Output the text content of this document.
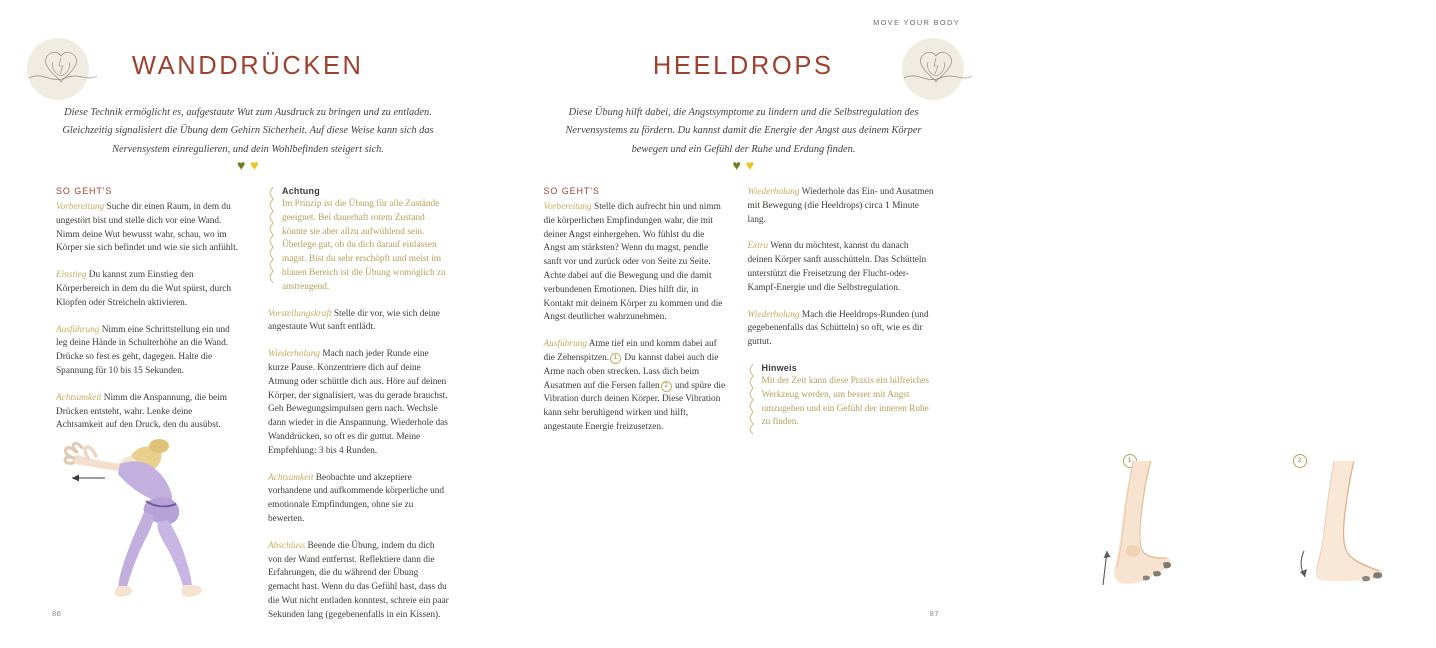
WANDDRÜCKEN
Diese Technik ermöglicht es, aufgestaute Wut zum Ausdruck zu bringen und zu entladen. Gleichzeitig signalisiert die Übung dem Gehirn Sicherheit. Auf diese Weise kann sich das Nervensystem einregulieren, und dein Wohlbefinden steigert sich.
♥ ♥
SO GEHT'S

Vorbereitung Suche dir einen Raum, in dem du ungestört bist und stelle dich vor eine Wand. Nimm deine Wut bewusst wahr, schau, wo im Körper sie sich befindet und wie sie sich anfühlt.

Einstieg Du kannst zum Einstieg den Körperbereich in dem du die Wut spürst, durch Klopfen oder Streicheln aktivieren.

Ausführung Nimm eine Schrittstellung ein und leg deine Hände in Schulterhöhe an die Wand. Drücke so fest es geht, dagegen. Halte die Spannung für 10 bis 15 Sekunden.

Achtsamkeit Nimm die Anspannung, die beim Drücken entsteht, wahr. Lenke deine Achtsamkeit auf den Druck, den du ausübst.

Achtung

Im Prinzip ist die Übung für alle Zustände geeignet. Bei dauerhaft rotem Zustand könnte sie aber allzu aufwühlend sein. Überlege gut, ob du dich darauf einlassen magst. Bist du sehr erschöpft und meist im blauen Bereich ist die Übung womöglich zu anstrengend.

Vorstellungskraft Stelle dir vor, wie sich deine angestaute Wut sanft entlädt.

Wiederholung Mach nach jeder Runde eine kurze Pause. Konzentriere dich auf deine Atmung oder schüttle dich aus. Höre auf deinen Körper, der signalisiert, was du gerade brauchst. Geh Bewegungsimpulsen gern nach. Wechsle dann wieder in die Anspannung. Wiederhole das Wanddrücken, so oft es dir guttut. Meine Empfehlung: 3 bis 4 Runden.

Achtsamkeit Beobachte und akzeptiere vorhandene und aufkommende körperliche und emotionale Empfindungen, ohne sie zu bewerten.

Abschluss Beende die Übung, indem du dich von der Wand entfernst. Reflektiere dann die Erfahrungen, die du während der Übung gemacht hast. Wenn du das Gefühl hast, dass du die Wut nicht entladen konntest, schreie ein paar Sekunden lang (gegebenenfalls in ein Kissen).

86
MOVE YOUR BODY
HEELDROPS
Diese Übung hilft dabei, die Angstsymptome zu lindern und die Selbstregulation des Nervensystems zu fördern. Du kannst damit die Energie der Angst aus deinem Körper bewegen und ein Gefühl der Ruhe und Erdung finden.
♥ ♥
SO GEHT'S

Vorbereitung Stelle dich aufrecht hin und nimm die körperlichen Empfindungen wahr, die mit deiner Angst einhergehen. Wo fühlst du die Angst am stärksten? Wenn du magst, pendle sanft vor und zurück oder von Seite zu Seite. Achte dabei auf die Bewegung und die damit verbundenen Emotionen. Dies hilft dir, in Kontakt mit deinem Körper zu kommen und die Angst deutlicher wahrzunehmen.

Ausführung Atme tief ein und komm dabei auf die Zehenspitzen. 1 Du kannst dabei auch die Arme nach oben strecken. Lass dich beim Ausatmen auf die Fersen fallen 2 und spüre die Vibration durch deinen Körper. Diese Vibration kann sehr beruhigend wirken und hilft, angestaute Energie freizusetzen.

Wiederholung Wiederhole das Ein- und Ausatmen mit Bewegung (die Heeldrops) circa 1 Minute lang.

Extra Wenn du möchtest, kannst du danach deinen Körper sanft ausschütteln. Das Schütteln unterstützt die Freisetzung der Flucht-oder-Kampf-Energie und die Selbstregulation.

Wiederholung Mach die Heeldrops-Runden (und gegebenenfalls das Schütteln) so oft, wie es dir guttut.

Hinweis

Mit der Zeit kann diese Praxis ein hilfreiches Werkzeug werden, um besser mit Angst umzugehen und ein Gefühl der inneren Ruhe zu finden.

1	2
87
